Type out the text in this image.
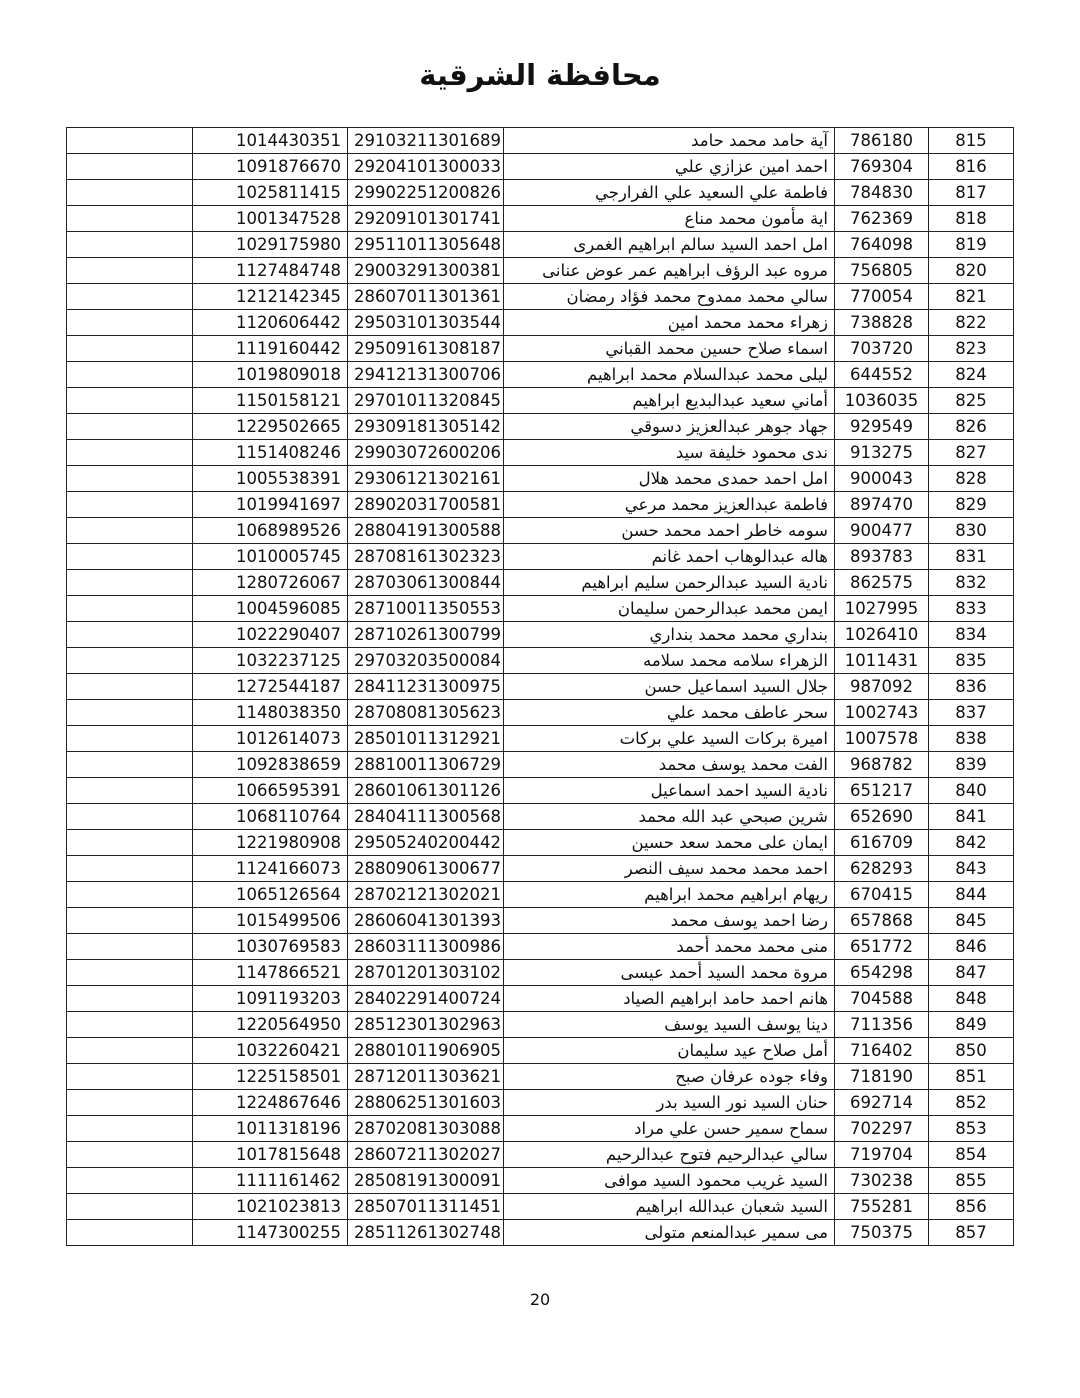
محافظة الشرقية
	1014430351	29103211301689	آية حامد محمد حامد	786180	815
	1091876670	29204101300033	احمد امين عزازي علي	769304	816
	1025811415	29902251200826	فاطمة علي السعيد علي الفرارجي	784830	817
	1001347528	29209101301741	اية مأمون محمد مناع	762369	818
	1029175980	29511011305648	امل احمد السيد سالم ابراهيم الغمرى	764098	819
	1127484748	29003291300381	مروه عبد الرؤف ابراهيم عمر عوض عنانى	756805	820
	1212142345	28607011301361	سالي محمد ممدوح محمد فؤاد رمضان	770054	821
	1120606442	29503101303544	زهراء محمد محمد امين	738828	822
	1119160442	29509161308187	اسماء صلاح حسين محمد القباني	703720	823
	1019809018	29412131300706	ليلى محمد عبدالسلام محمد ابراهيم	644552	824
	1150158121	29701011320845	أماني سعيد عبدالبديع ابراهيم	1036035	825
	1229502665	29309181305142	جهاد جوهر عبدالعزيز دسوقي	929549	826
	1151408246	29903072600206	ندى محمود خليفة سيد	913275	827
	1005538391	29306121302161	امل احمد حمدى محمد هلال	900043	828
	1019941697	28902031700581	فاطمة عبدالعزيز محمد مرعي	897470	829
	1068989526	28804191300588	سومه خاطر احمد محمد حسن	900477	830
	1010005745	28708161302323	هاله عبدالوهاب احمد غانم	893783	831
	1280726067	28703061300844	نادية السيد عبدالرحمن سليم ابراهيم	862575	832
	1004596085	28710011350553	ايمن محمد عبدالرحمن سليمان	1027995	833
	1022290407	28710261300799	بنداري محمد محمد بنداري	1026410	834
	1032237125	29703203500084	الزهراء سلامه محمد سلامه	1011431	835
	1272544187	28411231300975	جلال السيد اسماعيل حسن	987092	836
	1148038350	28708081305623	سحر عاطف محمد علي	1002743	837
	1012614073	28501011312921	اميرة بركات السيد علي بركات	1007578	838
	1092838659	28810011306729	الفت محمد يوسف محمد	968782	839
	1066595391	28601061301126	نادية السيد احمد اسماعيل	651217	840
	1068110764	28404111300568	شرين صبحي عبد الله محمد	652690	841
	1221980908	29505240200442	ايمان على محمد سعد حسين	616709	842
	1124166073	28809061300677	احمد محمد محمد سيف النصر	628293	843
	1065126564	28702121302021	ريهام ابراهيم محمد ابراهيم	670415	844
	1015499506	28606041301393	رضا احمد يوسف محمد	657868	845
	1030769583	28603111300986	منى محمد محمد أحمد	651772	846
	1147866521	28701201303102	مروة محمد السيد أحمد عيسى	654298	847
	1091193203	28402291400724	هانم احمد حامد ابراهيم الصياد	704588	848
	1220564950	28512301302963	دينا يوسف السيد يوسف	711356	849
	1032260421	28801011906905	أمل صلاح عيد سليمان	716402	850
	1225158501	28712011303621	وفاء جوده عرفان صبح	718190	851
	1224867646	28806251301603	حنان السيد نور السيد بدر	692714	852
	1011318196	28702081303088	سماح سمير حسن علي مراد	702297	853
	1017815648	28607211302027	سالي عبدالرحيم فتوح عبدالرحيم	719704	854
	1111161462	28508191300091	السيد غريب محمود السيد موافى	730238	855
	1021023813	28507011311451	السيد شعبان عبدالله ابراهيم	755281	856
	1147300255	28511261302748	مى سمير عبدالمنعم متولى	750375	857
20
